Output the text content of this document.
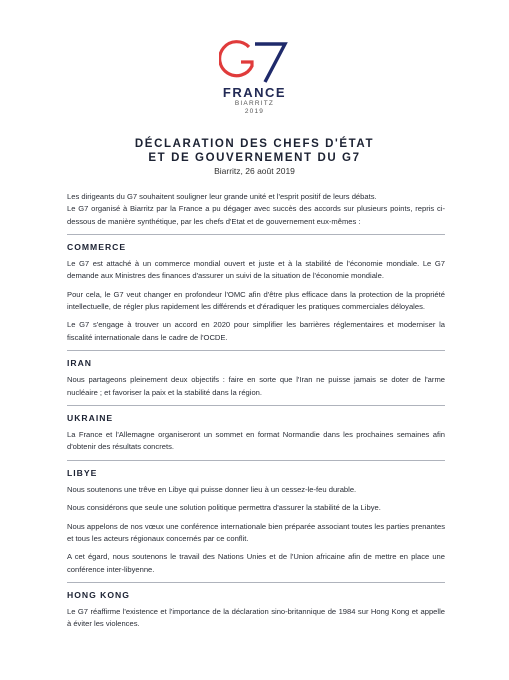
FRANCE
BIARRITZ
2019
DÉCLARATION DES CHEFS D'ÉTAT
ET DE GOUVERNEMENT DU G7
Biarritz, 26 août 2019

Les dirigeants du G7 souhaitent souligner leur grande unité et l'esprit positif de leurs débats.

Le G7 organisé à Biarritz par la France a pu dégager avec succès des accords sur plusieurs points, repris ci-dessous de manière synthétique, par les chefs d'Etat et de gouvernement eux-mêmes :

COMMERCE

Le G7 est attaché à un commerce mondial ouvert et juste et à la stabilité de l'économie mondiale. Le G7 demande aux Ministres des finances d'assurer un suivi de la situation de l'économie mondiale.

Pour cela, le G7 veut changer en profondeur l'OMC afin d'être plus efficace dans la protection de la propriété intellectuelle, de régler plus rapidement les différends et d'éradiquer les pratiques commerciales déloyales.

Le G7 s'engage à trouver un accord en 2020 pour simplifier les barrières réglementaires et moderniser la fiscalité internationale dans le cadre de l'OCDE.

IRAN

Nous partageons pleinement deux objectifs : faire en sorte que l'Iran ne puisse jamais se doter de l'arme nucléaire ; et favoriser la paix et la stabilité dans la région.

UKRAINE

La France et l'Allemagne organiseront un sommet en format Normandie dans les prochaines semaines afin d'obtenir des résultats concrets.

LIBYE

Nous soutenons une trêve en Libye qui puisse donner lieu à un cessez-le-feu durable.

Nous considérons que seule une solution politique permettra d'assurer la stabilité de la Libye.

Nous appelons de nos vœux une conférence internationale bien préparée associant toutes les parties prenantes et tous les acteurs régionaux concernés par ce conflit.

A cet égard, nous soutenons le travail des Nations Unies et de l'Union africaine afin de mettre en place une conférence inter-libyenne.

HONG KONG

Le G7 réaffirme l'existence et l'importance de la déclaration sino-britannique de 1984 sur Hong Kong et appelle à éviter les violences.
